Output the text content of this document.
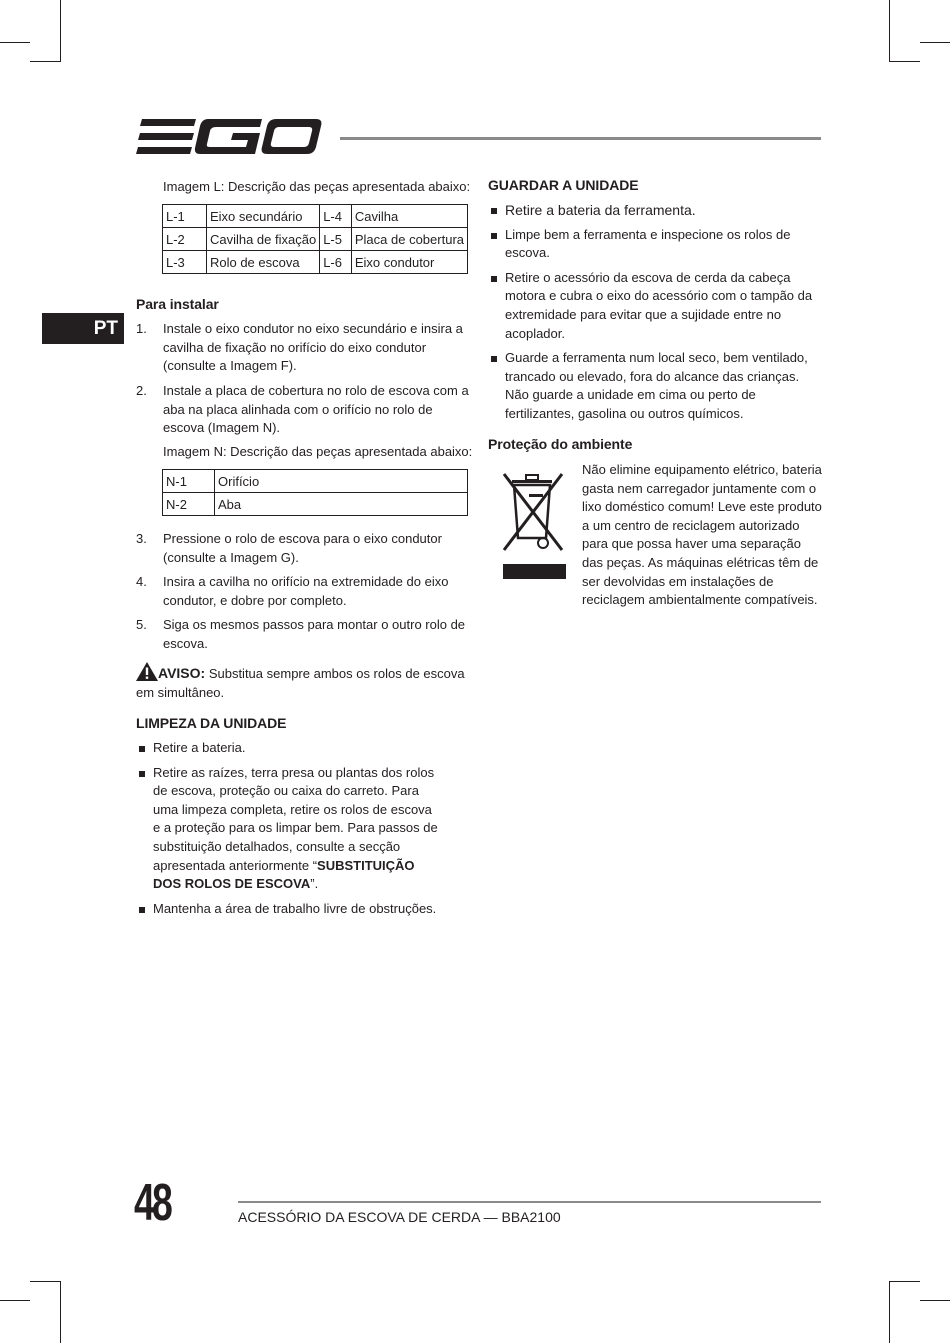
PT
Imagem L: Descrição das peças apresentada abaixo:
L-1	Eixo secundário	L-4	Cavilha
L-2	Cavilha de fixação	L-5	Placa de cobertura
L-3	Rolo de escova	L-6	Eixo condutor
Para instalar
1. Instale o eixo condutor no eixo secundário e insira a cavilha de fixação no orifício do eixo condutor (consulte a Imagem F).
2. Instale a placa de cobertura no rolo de escova com a aba na placa alinhada com o orifício no rolo de escova (Imagem N).
Imagem N: Descrição das peças apresentada abaixo:
N-1	Orifício
N-2	Aba
3. Pressione o rolo de escova para o eixo condutor (consulte a Imagem G).
4. Insira a cavilha no orifício na extremidade do eixo condutor, e dobre por completo.
5. Siga os mesmos passos para montar o outro rolo de escova.
AVISO: Substitua sempre ambos os rolos de escova em simultâneo.
LIMPEZA DA UNIDADE
Retire a bateria.
Retire as raízes, terra presa ou plantas dos rolos de escova, proteção ou caixa do carreto. Para uma limpeza completa, retire os rolos de escova e a proteção para os limpar bem. Para passos de substituição detalhados, consulte a secção apresentada anteriormente “SUBSTITUIÇÃO DOS ROLOS DE ESCOVA”.
Mantenha a área de trabalho livre de obstruções.
GUARDAR A UNIDADE
Retire a bateria da ferramenta.
Limpe bem a ferramenta e inspecione os rolos de escova.
Retire o acessório da escova de cerda da cabeça motora e cubra o eixo do acessório com o tampão da extremidade para evitar que a sujidade entre no acoplador.
Guarde a ferramenta num local seco, bem ventilado, trancado ou elevado, fora do alcance das crianças. Não guarde a unidade em cima ou perto de fertilizantes, gasolina ou outros químicos.
Proteção do ambiente
Não elimine equipamento elétrico, bateria gasta nem carregador juntamente com o lixo doméstico comum! Leve este produto a um centro de reciclagem autorizado para que possa haver uma separação das peças. As máquinas elétricas têm de ser devolvidas em instalações de reciclagem ambientalmente compatíveis.
48	ACESSÓRIO DA ESCOVA DE CERDA — BBA2100
